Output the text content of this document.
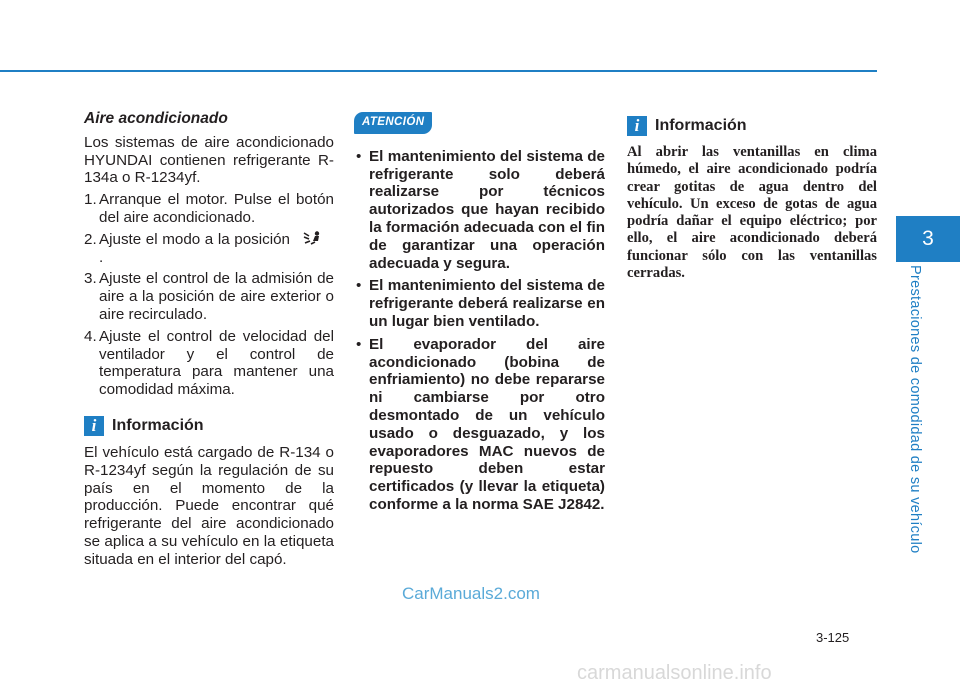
3
Prestaciones de comodidad de su vehículo
Aire acondicionado

Los sistemas de aire acondicionado HYUNDAI contienen refrigerante R-134a o R-1234yf.

1. Arranque el motor. Pulse el botón del aire acondicionado.
2. Ajuste el modo a la posición.
3. Ajuste el control de la admisión de aire a la posición de aire exterior o aire recirculado.
4. Ajuste el control de velocidad del ventilador y el control de temperatura para mantener una comodidad máxima.
i Información

El vehículo está cargado de R-134 o R-1234yf según la regulación de su país en el momento de la producción. Puede encontrar qué refrigerante del aire acondicionado se aplica a su vehículo en la etiqueta situada en el interior del capó.

ATENCIÓN
• El mantenimiento del sistema de refrigerante solo deberá realizarse por técnicos autorizados que hayan recibido la formación adecuada con el fin de garantizar una operación adecuada y segura.
• El mantenimiento del sistema de refrigerante deberá realizarse en un lugar bien ventilado.
• El evaporador del aire acondicionado (bobina de enfriamiento) no debe repararse ni cambiarse por otro desmontado de un vehículo usado o desguazado, y los evaporadores MAC nuevos de repuesto deben estar certificados (y llevar la etiqueta) conforme a la norma SAE J2842.
i Información

Al abrir las ventanillas en clima húmedo, el aire acondicionado podría crear gotitas de agua dentro del vehículo. Un exceso de gotas de agua podría dañar el equipo eléctrico; por ello, el aire acondicionado deberá funcionar sólo con las ventanillas cerradas.

CarManuals2.com
3-125
carmanualsonline.info
